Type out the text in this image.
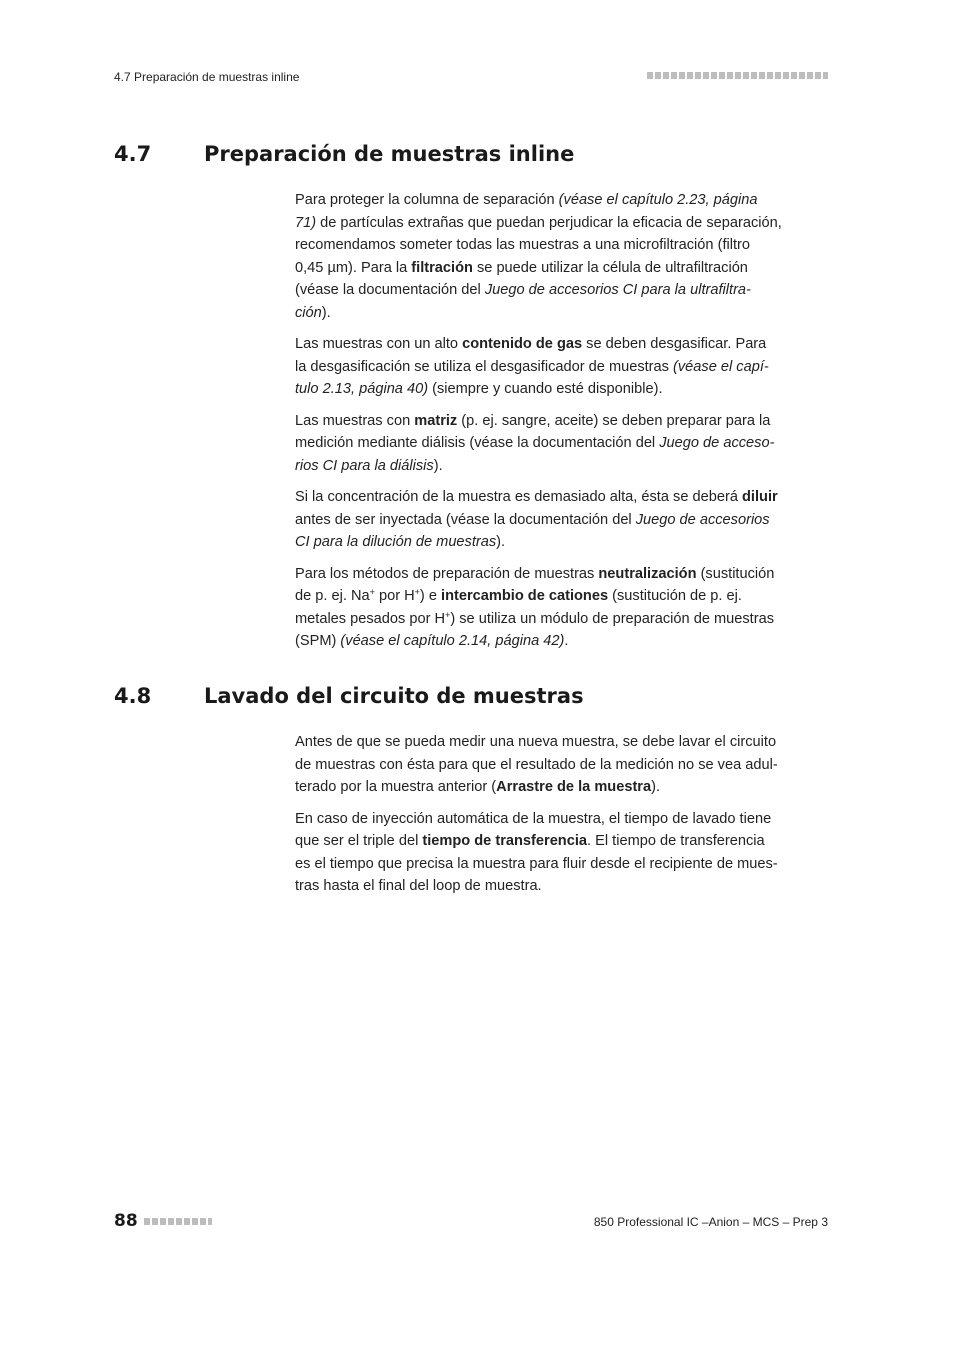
4.7 Preparación de muestras inline
4.7	Preparación de muestras inline

Para proteger la columna de separación (véase el capítulo 2.23, página
71) de partículas extrañas que puedan perjudicar la eficacia de separación,
recomendamos someter todas las muestras a una microfiltración (filtro
0,45 µm). Para la filtración se puede utilizar la célula de ultrafiltración
(véase la documentación del Juego de accesorios CI para la ultrafiltra-
ción).

Las muestras con un alto contenido de gas se deben desgasificar. Para
la desgasificación se utiliza el desgasificador de muestras (véase el capí-
tulo 2.13, página 40) (siempre y cuando esté disponible).

Las muestras con matriz (p. ej. sangre, aceite) se deben preparar para la
medición mediante diálisis (véase la documentación del Juego de acceso-
rios CI para la diálisis).

Si la concentración de la muestra es demasiado alta, ésta se deberá diluir
antes de ser inyectada (véase la documentación del Juego de accesorios
CI para la dilución de muestras).

Para los métodos de preparación de muestras neutralización (sustitución
de p. ej. Na+ por H+) e intercambio de cationes (sustitución de p. ej.
metales pesados por H+) se utiliza un módulo de preparación de muestras
(SPM) (véase el capítulo 2.14, página 42).

4.8	Lavado del circuito de muestras

Antes de que se pueda medir una nueva muestra, se debe lavar el circuito
de muestras con ésta para que el resultado de la medición no se vea adul-
terado por la muestra anterior (Arrastre de la muestra).

En caso de inyección automática de la muestra, el tiempo de lavado tiene
que ser el triple del tiempo de transferencia. El tiempo de transferencia
es el tiempo que precisa la muestra para fluir desde el recipiente de mues-
tras hasta el final del loop de muestra.

88	850 Professional IC –Anion – MCS – Prep 3
